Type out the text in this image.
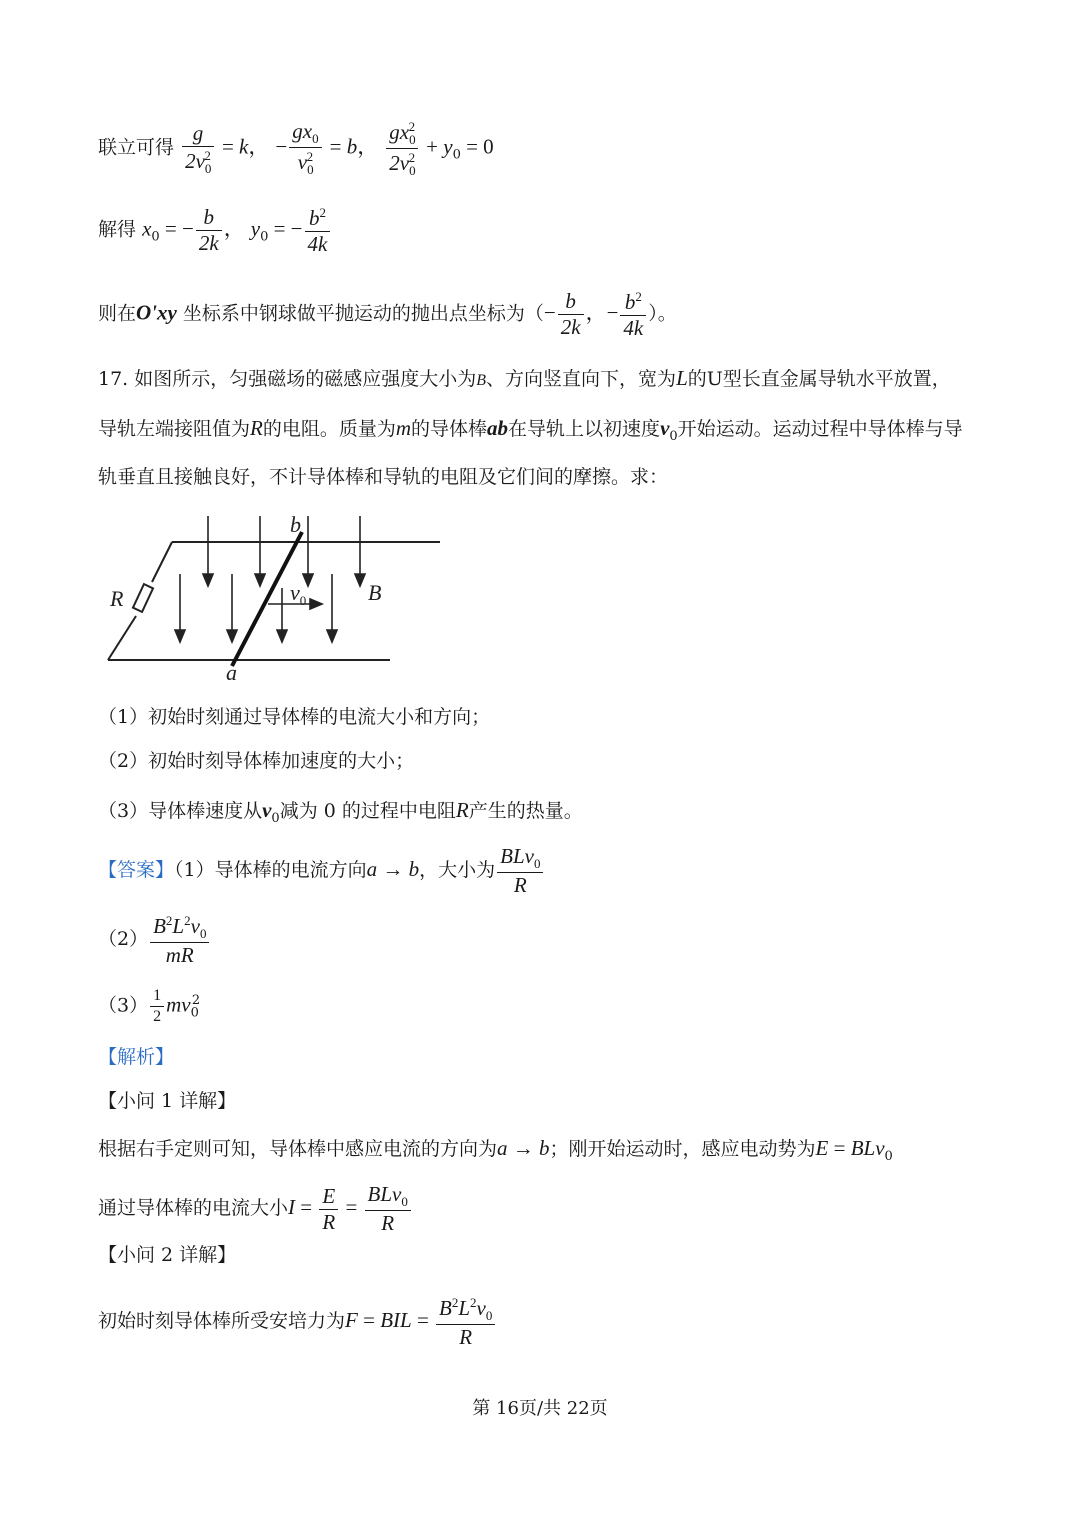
联立可得 $\frac{g}{2v_0^2} = k$， − $\frac{gx_0}{v_0^2} = b$， $\frac{gx_0^2}{2v_0^2} + y_0 = 0$
解得 $x_0$ = − $\frac{b}{2k}$ ， $y_0$ = − $\frac{b^2}{4k}$
则在O'xy 坐标系中钢球做平抛运动的抛出点坐标为（− $\frac{b}{2k}$ ，− $\frac{b^2}{4k}$ ）。
17. 如图所示，匀强磁场的磁感应强度大小为B、方向竖直向下，宽为L的U型长直金属导轨水平放置，
导轨左端接阻值为R的电阻。质量为m的导体棒ab在导轨上以初速度$v_0$开始运动。运动过程中导体棒与导
轨垂直且接触良好，不计导体棒和导轨的电阻及它们间的摩擦。求：
b
a
R	B
$v_0$
（1）初始时刻通过导体棒的电流大小和方向；
（2）初始时刻导体棒加速度的大小；
（3）导体棒速度从$v_0$减为 0 的过程中电阻R产生的热量。
【答案】（1）导体棒的电流方向a → b，大小为 $\frac{BLv_0}{R}$
$(2) \frac{B^2L^2v_0}{mR}$
$(3) \frac{1}{2} mv_0^2$
【解析】
【小问 1 详解】
根据右手定则可知，导体棒中感应电流的方向为a → b；刚开始运动时，感应电动势为E = BLv$_0$
通过导体棒的电流大小$I = \frac{E}{R} = \frac{BLv_0}{R}$
【小问 2 详解】
初始时刻导体棒所受安培力为F = BIL = $\frac{B^2L^2v_0}{R}$
第 16页/共 22页
